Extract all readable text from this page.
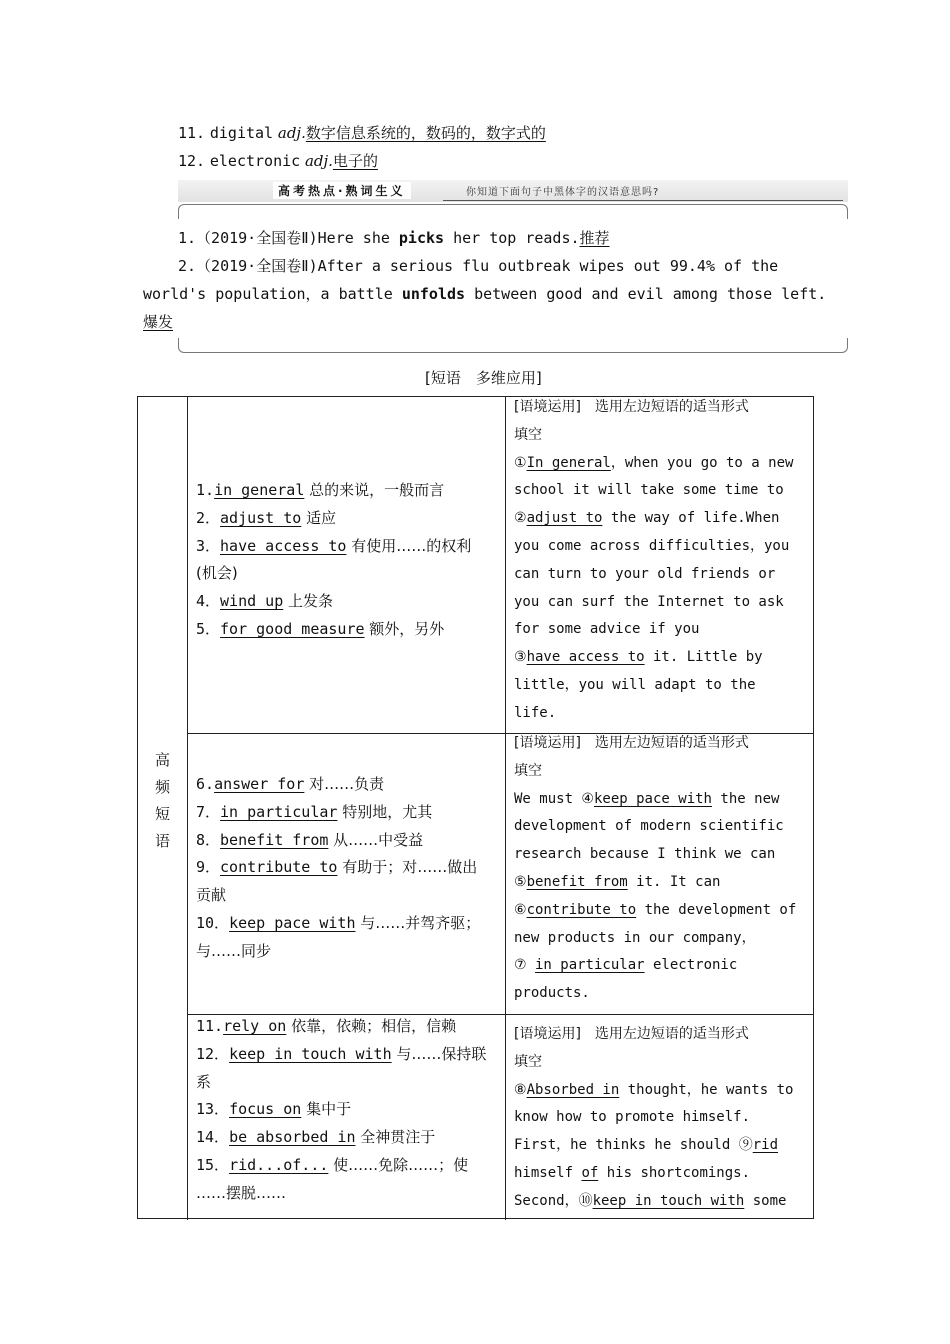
11. digital adj.数字信息系统的，数码的，数字式的
12. electronic adj.电子的
高考热点·熟词生义	你知道下面句子中黑体字的汉语意思吗?
1.（2019·全国卷Ⅱ)Here she picks her top reads.推荐
2.（2019·全国卷Ⅱ)After a serious flu outbreak wipes out 99.4% of the
world's population，a battle unfolds between good and evil among those left.
爆发
[短语　多维应用]
高
频
短
语
1.in general 总的来说，一般而言
2．adjust to 适应
3．have access to 有使用……的权利
(机会)
4．wind up 上发条
5．for good measure 额外，另外
[语境运用]　选用左边短语的适当形式
填空
①In general，when you go to a new
school it will take some time to
②adjust to the way of life.When
you come across difficulties，you
can turn to your old friends or
you can surf the Internet to ask
for some advice if you
③have access to it. Little by
little，you will adapt to the
life.
6.answer for 对……负责
7．in particular 特别地，尤其
8．benefit from 从……中受益
9．contribute to 有助于；对……做出
贡献
10．keep pace with 与……并驾齐驱；
与……同步
[语境运用]　选用左边短语的适当形式
填空
We must ④keep pace with the new
development of modern scientific
research because I think we can
⑤benefit from it. It can
⑥contribute to the development of
new products in our company，
⑦ in particular electronic
products.
11.rely on 依靠，依赖；相信，信赖
12．keep in touch with 与……保持联
系
13．focus on 集中于
14．be absorbed in 全神贯注于
15．rid...of... 使……免除……；使
……摆脱……
[语境运用]　选用左边短语的适当形式
填空
⑧Absorbed in thought，he wants to
know how to promote himself.
First，he thinks he should ⑨rid
himself of his shortcomings.
Second，⑩keep in touch with some
